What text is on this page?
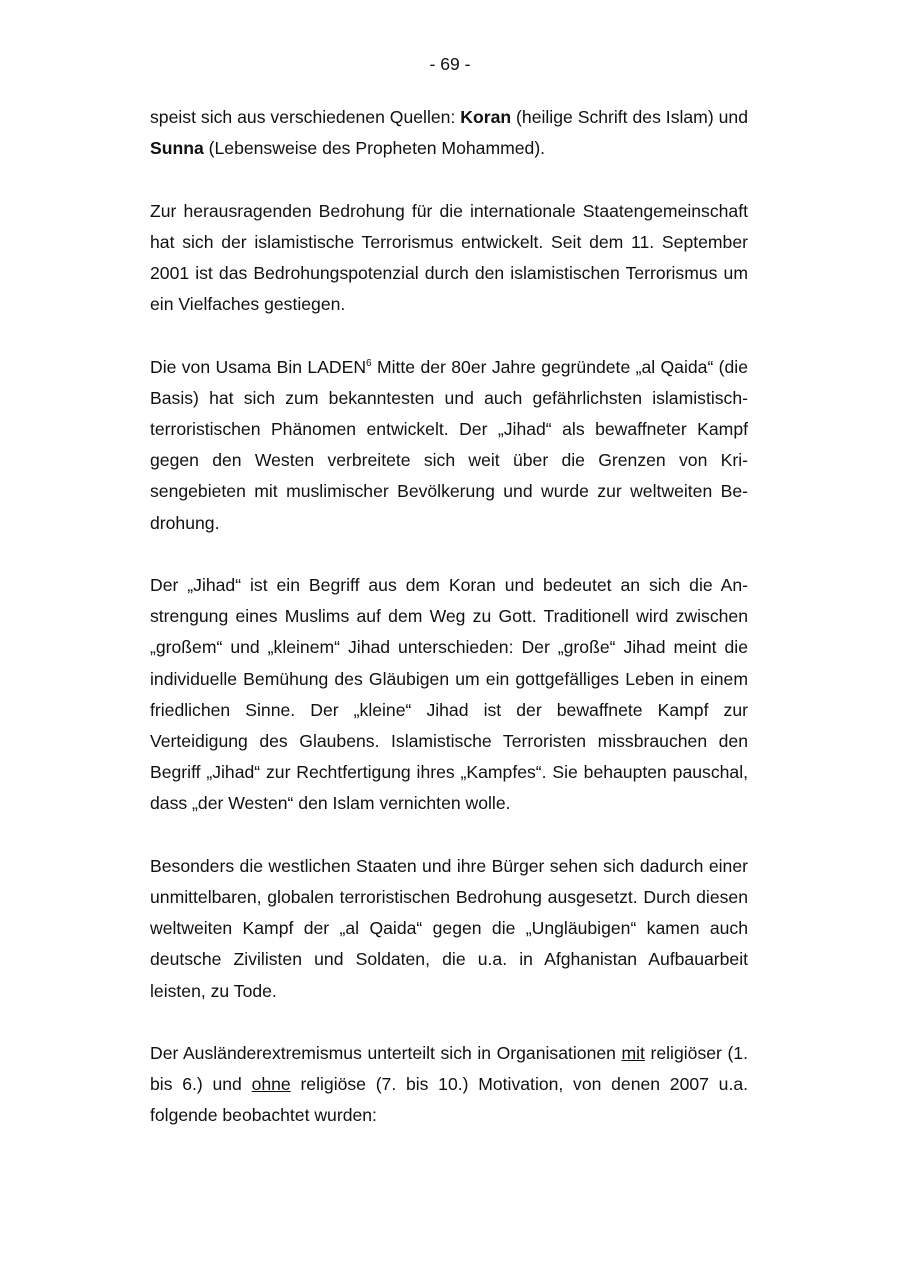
- 69 -

speist sich aus verschiedenen Quellen: Koran (heilige Schrift des Islam) und Sunna (Lebensweise des Propheten Mohammed).

Zur herausragenden Bedrohung für die internationale Staatengemeinschaft hat sich der islamistische Terrorismus entwickelt. Seit dem 11. September 2001 ist das Bedrohungspotenzial durch den islamistischen Terrorismus um ein Vielfaches gestiegen.

Die von Usama Bin LADEN$^6$ Mitte der 80er Jahre gegründete „al Qaida“ (die Basis) hat sich zum bekanntesten und auch gefährlichsten islamistisch-terroristischen Phänomen entwickelt. Der „Jihad“ als bewaffneter Kampf gegen den Westen verbreitete sich weit über die Grenzen von Krisengebieten mit muslimischer Bevölkerung und wurde zur weltweiten Bedrohung.

Der „Jihad“ ist ein Begriff aus dem Koran und bedeutet an sich die Anstrengung eines Muslims auf dem Weg zu Gott. Traditionell wird zwischen „großem“ und „kleinem“ Jihad unterschieden: Der „große“ Jihad meint die individuelle Bemühung des Gläubigen um ein gottgefälliges Leben in einem friedlichen Sinne. Der „kleine“ Jihad ist der bewaffnete Kampf zur Verteidigung des Glaubens. Islamistische Terroristen missbrauchen den Begriff „Jihad“ zur Rechtfertigung ihres „Kampfes“. Sie behaupten pauschal, dass „der Westen“ den Islam vernichten wolle.

Besonders die westlichen Staaten und ihre Bürger sehen sich dadurch einer unmittelbaren, globalen terroristischen Bedrohung ausgesetzt. Durch diesen weltweiten Kampf der „al Qaida“ gegen die „Ungläubigen“ kamen auch deutsche Zivilisten und Soldaten, die u.a. in Afghanistan Aufbauarbeit leisten, zu Tode.

Der Ausländerextremismus unterteilt sich in Organisationen mit religiöser (1. bis 6.) und ohne religiöse (7. bis 10.) Motivation, von denen 2007 u.a. folgende beobachtet wurden:
